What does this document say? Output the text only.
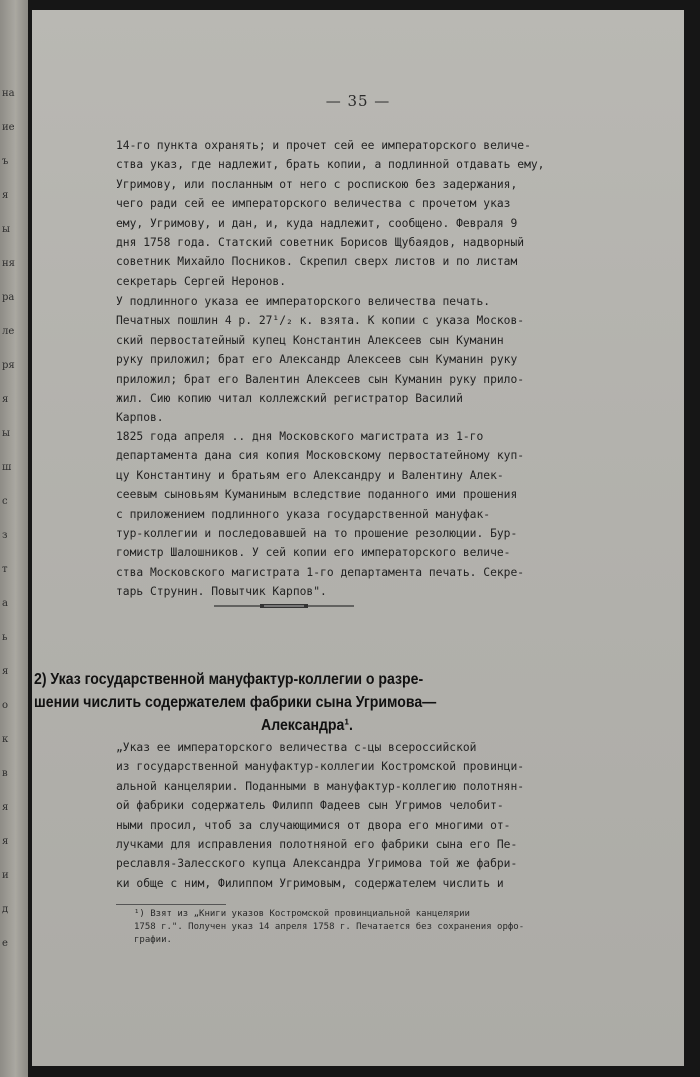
на
ие
ъ
я
ы
ня
ра
ле
ря
я
ы
ш
с
з
т
а
ь
я
о
к
в
я
я
и
д
е
— 35 —
14-го пункта охранять; и прочет сей ее императорского величе-
ства указ, где надлежит, брать копии, а подлинной отдавать ему,
Угримову, или посланным от него с роспискою без задержания,
чего ради сей ее императорского величества с прочетом указ
ему, Угримову, и дан, и, куда надлежит, сообщено. Февраля 9
дня 1758 года. Статский советник Борисов Щубаядов, надворный
советник Михайло Посников. Скрепил сверх листов и по листам
секретарь Сергей Неронов.
У подлинного указа ее императорского величества печать.
Печатных пошлин 4 р. 27¹/₂ к. взята. К копии с указа Москов-
ский первостатейный купец Константин Алексеев сын Куманин
руку приложил; брат его Александр Алексеев сын Куманин руку
приложил; брат его Валентин Алексеев сын Куманин руку прило-
жил. Сию копию читал коллежский регистратор Василий
Карпов.
1825 года апреля .. дня Московского магистрата из 1-го
департамента дана сия копия Московскому первостатейному куп-
цу Константину и братьям его Александру и Валентину Алек-
сеевым сыновьям Куманиным вследствие поданного ими прошения
с приложением подлинного указа государственной мануфак-
тур-коллегии и последовавшей на то прошение резолюции. Бур-
гомистр Шалошников. У сей копии его императорского величе-
ства Московского магистрата 1-го департамента печать. Секре-
тарь Струнин. Повытчик Карпов".
2) Указ государственной мануфактур-коллегии о разре-
шении числить содержателем фабрики сына Угримова—
Александра¹.
„Указ ее императорского величества с-цы всероссийской
из государственной мануфактур-коллегии Костромской провинци-
альной канцелярии. Поданными в мануфактур-коллегию полотнян-
ой фабрики содержатель Филипп Фадеев сын Угримов челобит-
ными просил, чтоб за случающимися от двора его многими от-
лучками для исправления полотняной его фабрики сына его Пе-
реславля-Залесского купца Александра Угримова той же фабри-
ки обще с ним, Филиппом Угримовым, содержателем числить и
¹) Взят из „Книги указов Костромской провинциальной канцелярии
1758 г.". Получен указ 14 апреля 1758 г. Печатается без сохранения орфо-
графии.
